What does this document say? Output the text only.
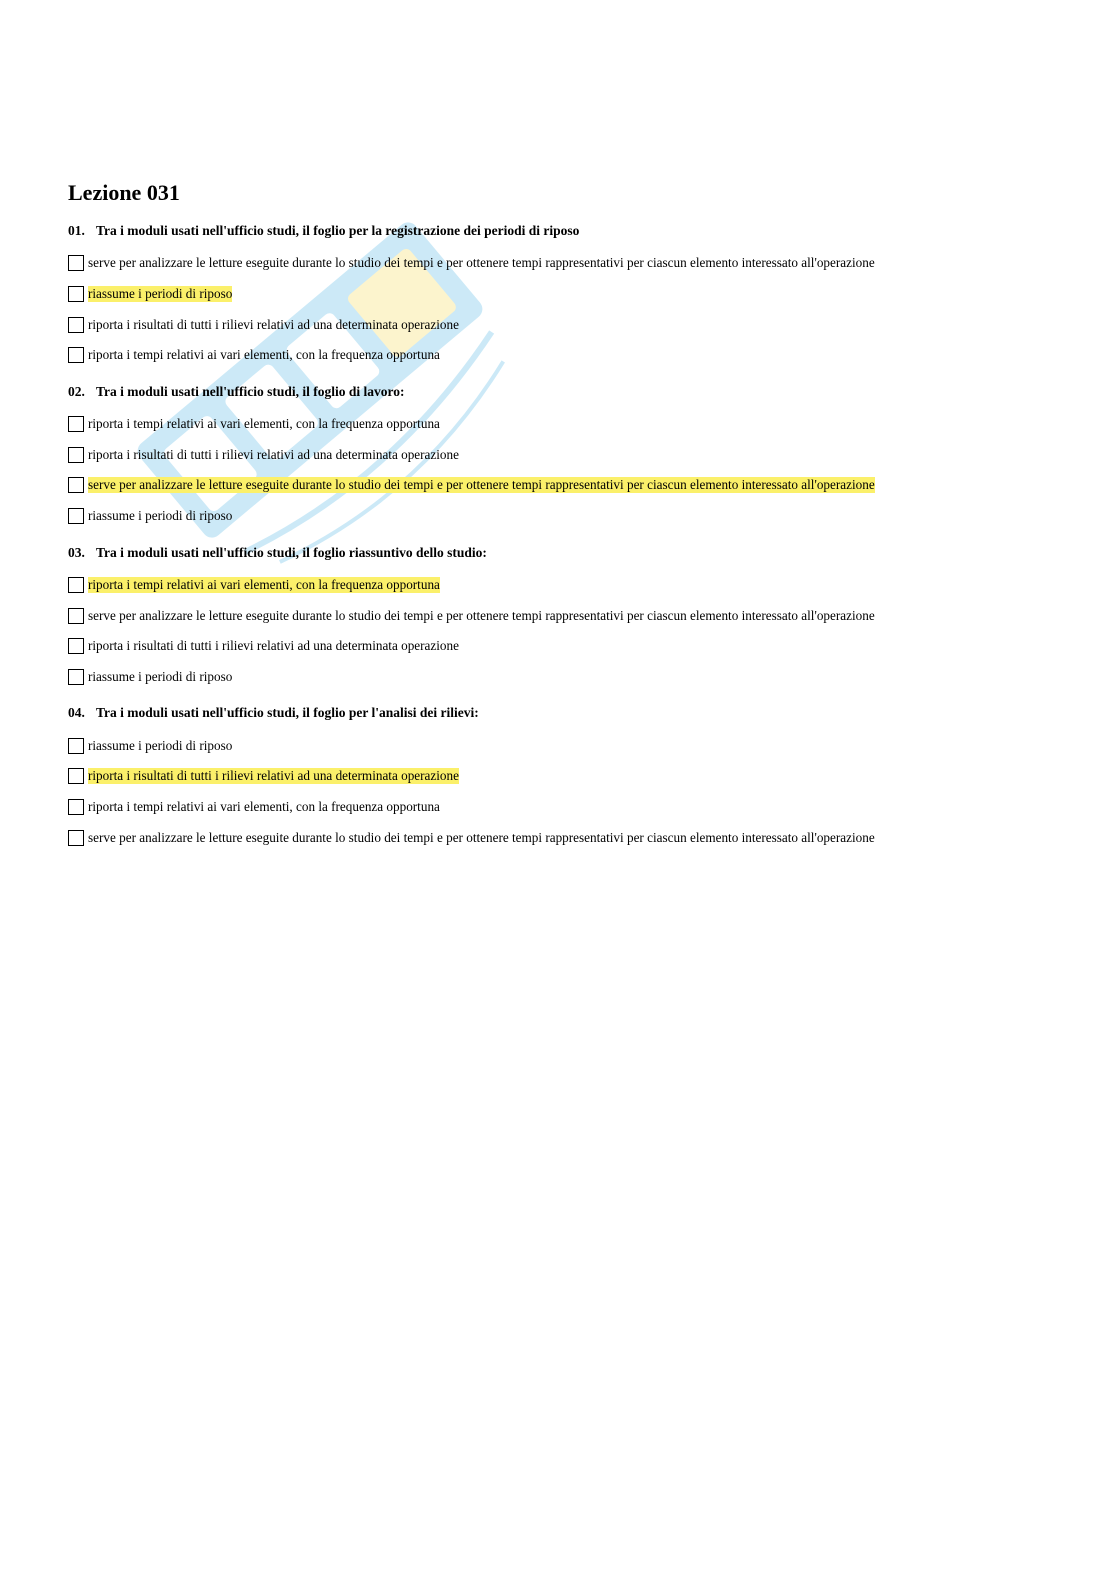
Lezione 031
01. Tra i moduli usati nell'ufficio studi, il foglio per la registrazione dei periodi di riposo
serve per analizzare le letture eseguite durante lo studio dei tempi e per ottenere tempi rappresentativi per ciascun elemento interessato all'operazione
riassume i periodi di riposo
riporta i risultati di tutti i rilievi relativi ad una determinata operazione
riporta i tempi relativi ai vari elementi, con la frequenza opportuna
02. Tra i moduli usati nell'ufficio studi, il foglio di lavoro:
riporta i tempi relativi ai vari elementi, con la frequenza opportuna
riporta i risultati di tutti i rilievi relativi ad una determinata operazione
serve per analizzare le letture eseguite durante lo studio dei tempi e per ottenere tempi rappresentativi per ciascun elemento interessato all'operazione
riassume i periodi di riposo
03. Tra i moduli usati nell'ufficio studi, il foglio riassuntivo dello studio:
riporta i tempi relativi ai vari elementi, con la frequenza opportuna
serve per analizzare le letture eseguite durante lo studio dei tempi e per ottenere tempi rappresentativi per ciascun elemento interessato all'operazione
riporta i risultati di tutti i rilievi relativi ad una determinata operazione
riassume i periodi di riposo
04. Tra i moduli usati nell'ufficio studi, il foglio per l'analisi dei rilievi:
riassume i periodi di riposo
riporta i risultati di tutti i rilievi relativi ad una determinata operazione
riporta i tempi relativi ai vari elementi, con la frequenza opportuna
serve per analizzare le letture eseguite durante lo studio dei tempi e per ottenere tempi rappresentativi per ciascun elemento interessato all'operazione
